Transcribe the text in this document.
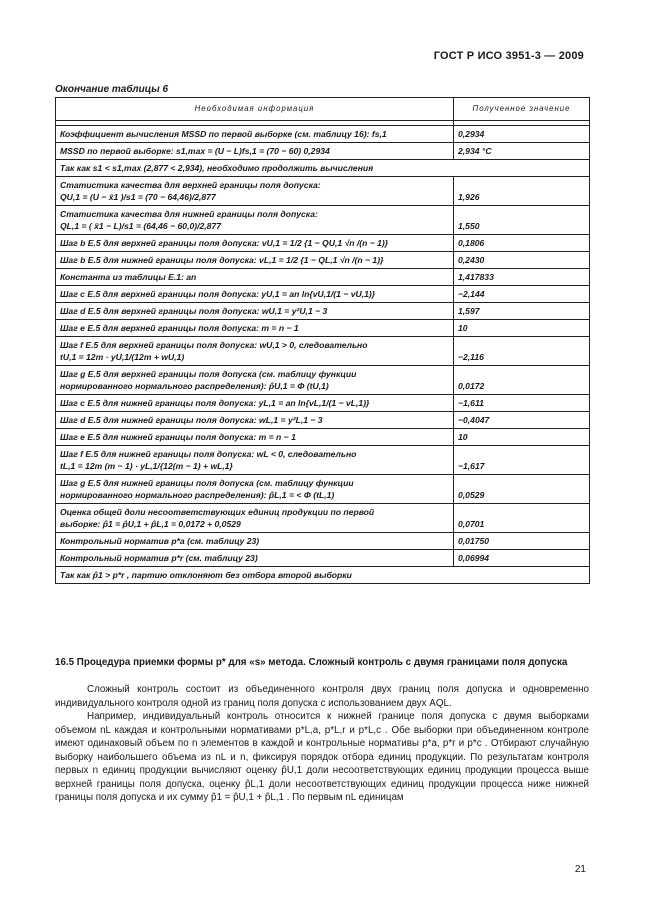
ГОСТ Р ИСО 3951-3 — 2009
Окончание таблицы 6
Необходимая информация	Полученное значение

Коэффициент вычисления MSSD по первой выборке (см. таблицу 16): fs,1	0,2934

MSSD по первой выборке: s1,max = (U − L)fs,1 = (70 − 60) 0,2934	2,934 °С

Так как s1 < s1,max (2,877 < 2,934), необходимо продолжить вычисления	

Статистика качества для верхней границы поля допуска:
QU,1 = (U − x̄1 )/s1 = (70 − 64,46)/2,877	1,926

Статистика качества для нижней границы поля допуска:
QL,1 = ( x̄1 − L)/s1 = (64,46 − 60,0)/2,877	1,550

Шаг b E.5 для верхней границы поля допуска: vU,1 = 1/2 {1 − QU,1 √n /(n − 1)}	0,1806

Шаг b E.5 для нижней границы поля допуска: vL,1 = 1/2 {1 − QL,1 √n /(n − 1)}	0,2430

Константа из таблицы E.1: an	1,417833

Шаг c E.5 для верхней границы поля допуска: yU,1 = an ln{vU,1/(1 − vU,1)}	−2,144

Шаг d E.5 для верхней границы поля допуска: wU,1 = y²U,1 − 3	1,597

Шаг e E.5 для верхней границы поля допуска: m = n − 1	10

Шаг f E.5 для верхней границы поля допуска: wU,1 > 0, следовательно
tU,1 = 12m · yU,1/(12m + wU,1)	−2,116

Шаг g E.5 для верхней границы поля допуска (см. таблицу функции
нормированного нормального распределения): p̂U,1 = Φ (tU,1)	0,0172

Шаг c E.5 для нижней границы поля допуска: yL,1 = an ln{vL,1/(1 − vL,1)}	−1,611

Шаг d E.5 для нижней границы поля допуска: wL,1 = y²L,1 − 3	−0,4047

Шаг e E.5 для нижней границы поля допуска: m = n − 1	10

Шаг f E.5 для нижней границы поля допуска: wL < 0, следовательно
tL,1 = 12m (m − 1) · yL,1/{12(m − 1) + wL,1}	−1,617

Шаг g E.5 для нижней границы поля допуска (см. таблицу функции
нормированного нормального распределения): p̂L,1 = < Φ (tL,1)	0,0529

Оценка общей доли несоответствующих единиц продукции по первой
выборке: p̂1 = p̂U,1 + p̂L,1 = 0,0172 + 0,0529	0,0701

Контрольный норматив p*a (см. таблицу 23)	0,01750

Контрольный норматив p*r (см. таблицу 23)	0,06994

Так как p̂1 > p*r , партию отклоняют без отбора второй выборки	
16.5 Процедура приемки формы p* для «s» метода. Сложный контроль с двумя границами поля допуска

Сложный контроль состоит из объединенного контроля двух границ поля допуска и одновременно индивидуального контроля одной из границ поля допуска с использованием двух AQL.

Например, индивидуальный контроль относится к нижней границе поля допуска с двумя выборками объемом nL каждая и контрольными нормативами p*L,a, p*L,r и p*L,c . Обе выборки при объединенном контроле имеют одинаковый объем по n элементов в каждой и контрольные нормативы p*a, p*r и p*c . Отбирают случайную выборку наибольшего объема из nL и n, фиксируя порядок отбора единиц продукции. По результатам контроля первых n единиц продукции вычисляют оценку p̂U,1 доли несоответствующих единиц продукции процесса выше верхней границы поля допуска, оценку p̂L,1 доли несоответствующих единиц продукции процесса ниже нижней границы поля допуска и их сумму p̂1 = p̂U,1 + p̂L,1 . По первым nL единицам

21
